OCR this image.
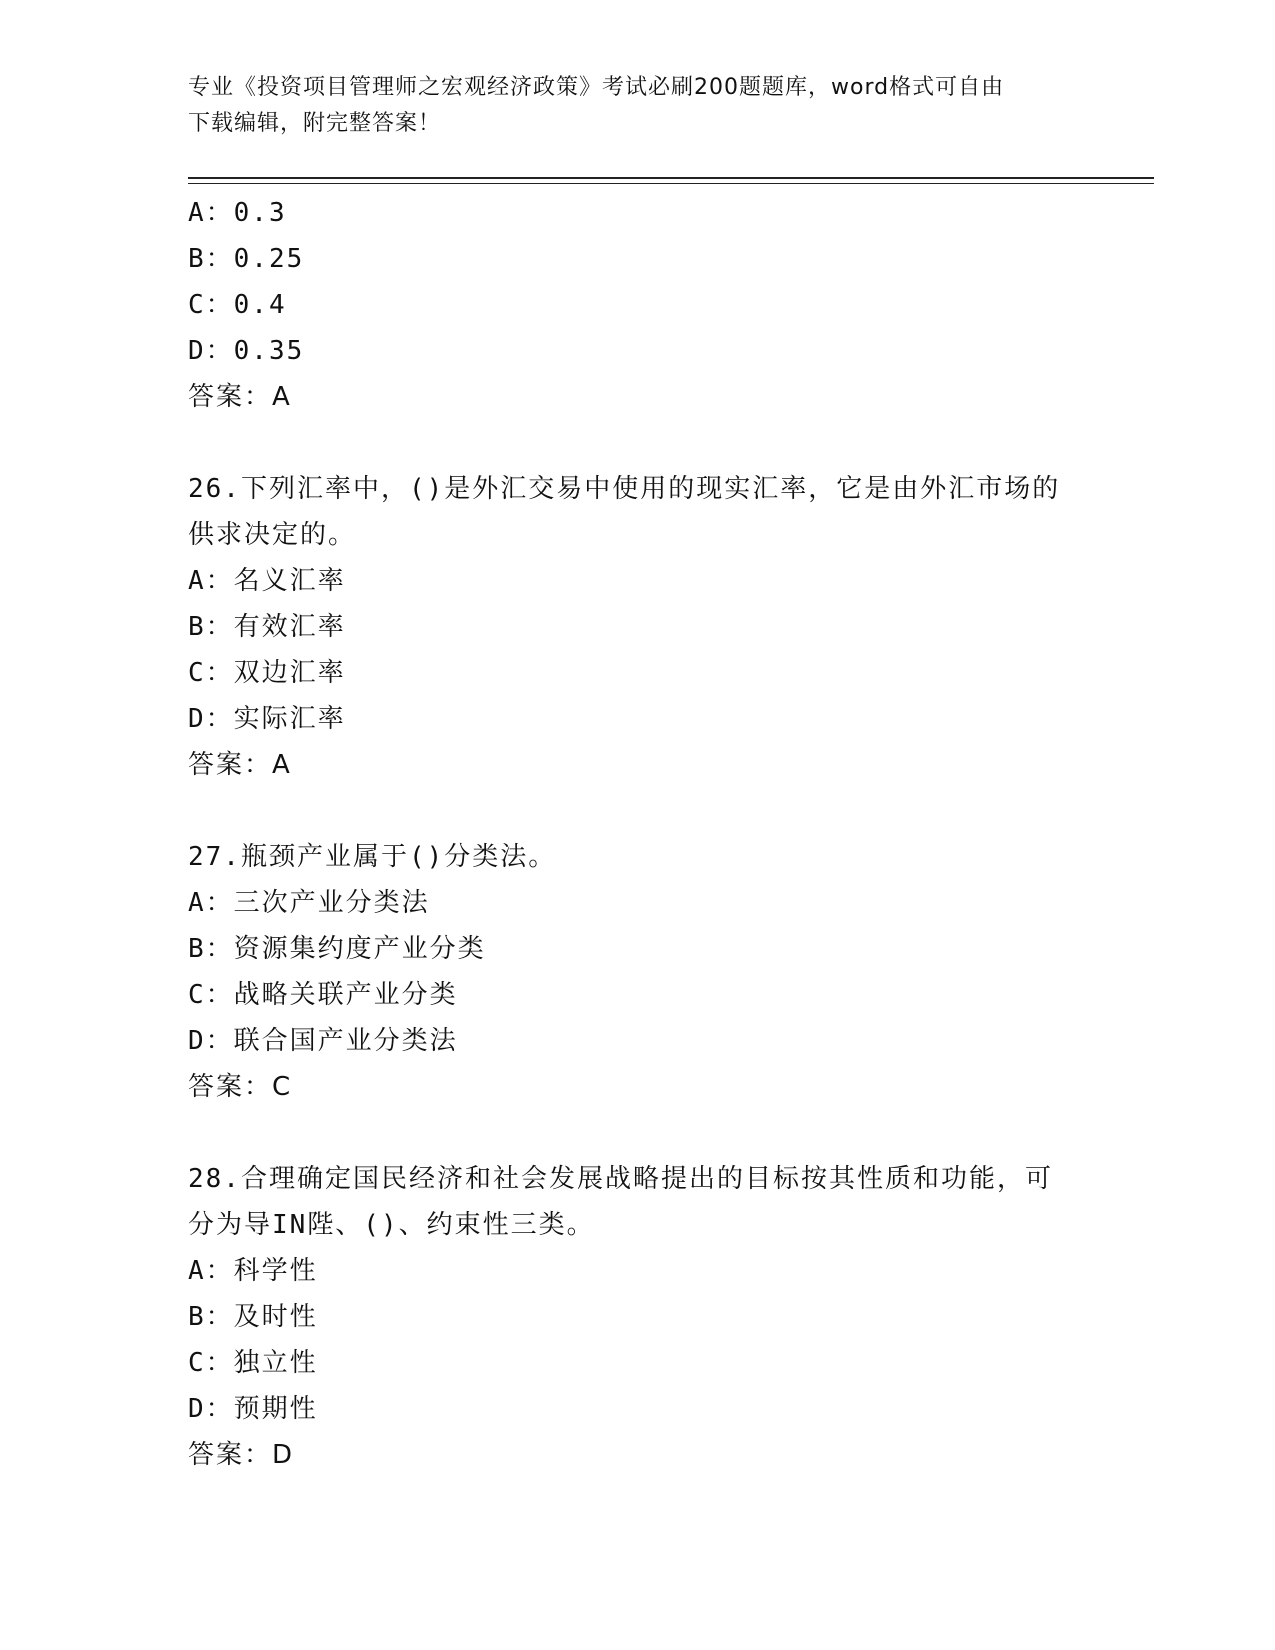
专业《投资项目管理师之宏观经济政策》考试必刷200题题库，word格式可自由
下载编辑，附完整答案！
A：0.3
B：0.25
C：0.4
D：0.35
答案：A
26.下列汇率中，()是外汇交易中使用的现实汇率，它是由外汇市场的
供求决定的。
A：名义汇率
B：有效汇率
C：双边汇率
D：实际汇率
答案：A
27.瓶颈产业属于()分类法。
A：三次产业分类法
B：资源集约度产业分类
C：战略关联产业分类
D：联合国产业分类法
答案：C
28.合理确定国民经济和社会发展战略提出的目标按其性质和功能，可
分为导IN陛、()、约束性三类。
A：科学性
B：及时性
C：独立性
D：预期性
答案：D
